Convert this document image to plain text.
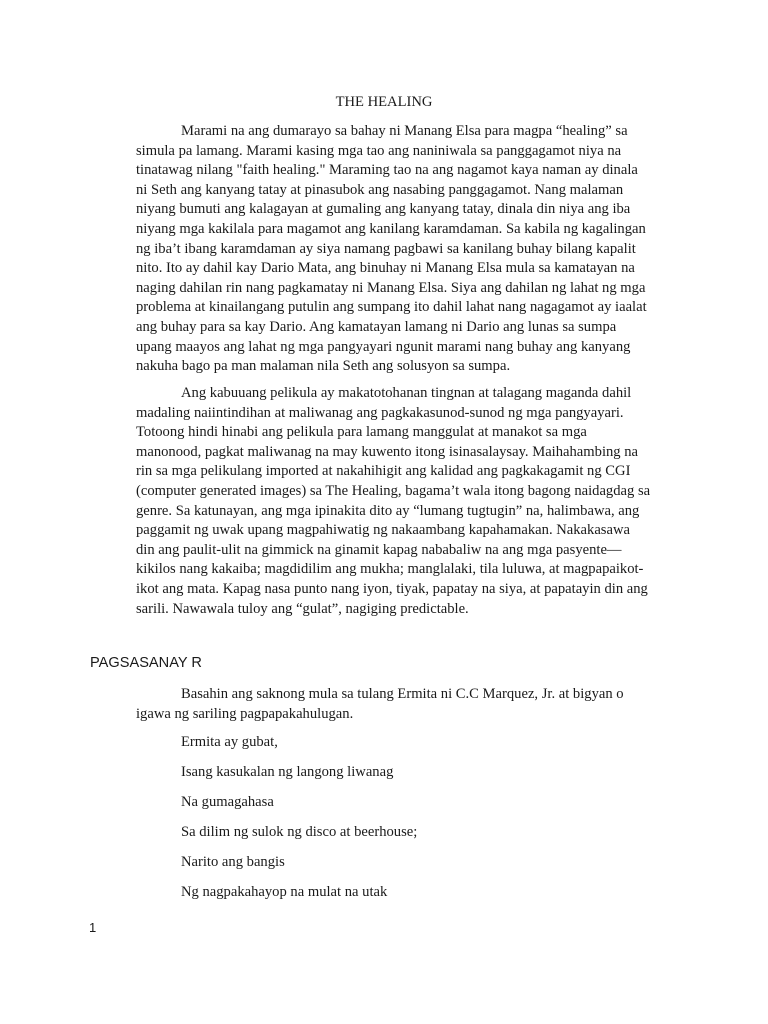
THE HEALING

Marami na ang dumarayo sa bahay ni Manang Elsa para magpa “healing” sa simula pa lamang. Marami kasing mga tao ang naniniwala sa panggagamot niya na tinatawag nilang "faith healing." Maraming tao na ang nagamot kaya naman ay dinala ni Seth ang kanyang tatay at pinasubok ang nasabing panggagamot. Nang malaman niyang bumuti ang kalagayan at gumaling ang kanyang tatay, dinala din niya ang iba niyang mga kakilala para magamot ang kanilang karamdaman. Sa kabila ng kagalingan ng iba’t ibang karamdaman ay siya namang pagbawi sa kanilang buhay bilang kapalit nito. Ito ay dahil kay Dario Mata, ang binuhay ni Manang Elsa mula sa kamatayan na naging dahilan rin nang pagkamatay ni Manang Elsa. Siya ang dahilan ng lahat ng mga problema at kinailangang putulin ang sumpang ito dahil lahat nang nagagamot ay iaalat ang buhay para sa kay Dario. Ang kamatayan lamang ni Dario ang lunas sa sumpa upang maayos ang lahat ng mga pangyayari ngunit marami nang buhay ang kanyang nakuha bago pa man malaman nila Seth ang solusyon sa sumpa.

Ang kabuuang pelikula ay makatotohanan tingnan at talagang maganda dahil madaling naiintindihan at maliwanag ang pagkakasunod-sunod ng mga pangyayari. Totoong hindi hinabi ang pelikula para lamang manggulat at manakot sa mga manonood, pagkat maliwanag na may kuwento itong isinasalaysay. Maihahambing na rin sa mga pelikulang imported at nakahihigit ang kalidad ang pagkakagamit ng CGI (computer generated images) sa The Healing, bagama’t wala itong bagong naidagdag sa genre. Sa katunayan, ang mga ipinakita dito ay “lumang tugtugin” na, halimbawa, ang paggamit ng uwak upang magpahiwatig ng nakaambang kapahamakan. Nakakasawa din ang paulit-ulit na gimmick na ginamit kapag nababaliw na ang mga pasyente—kikilos nang kakaiba; magdidilim ang mukha; manglalaki, tila luluwa, at magpapaikot-ikot ang mata. Kapag nasa punto nang iyon, tiyak, papatay na siya, at papatayin din ang sarili. Nawawala tuloy ang “gulat”, nagiging predictable.

PAGSASANAY R

Basahin ang saknong mula sa tulang Ermita ni C.C Marquez, Jr. at bigyan o igawa ng sariling pagpapakahulugan.

Ermita ay gubat,
Isang kasukalan ng langong liwanag
Na gumagahasa
Sa dilim ng sulok ng disco at beerhouse;
Narito ang bangis
Ng nagpakahayop na mulat na utak
1
